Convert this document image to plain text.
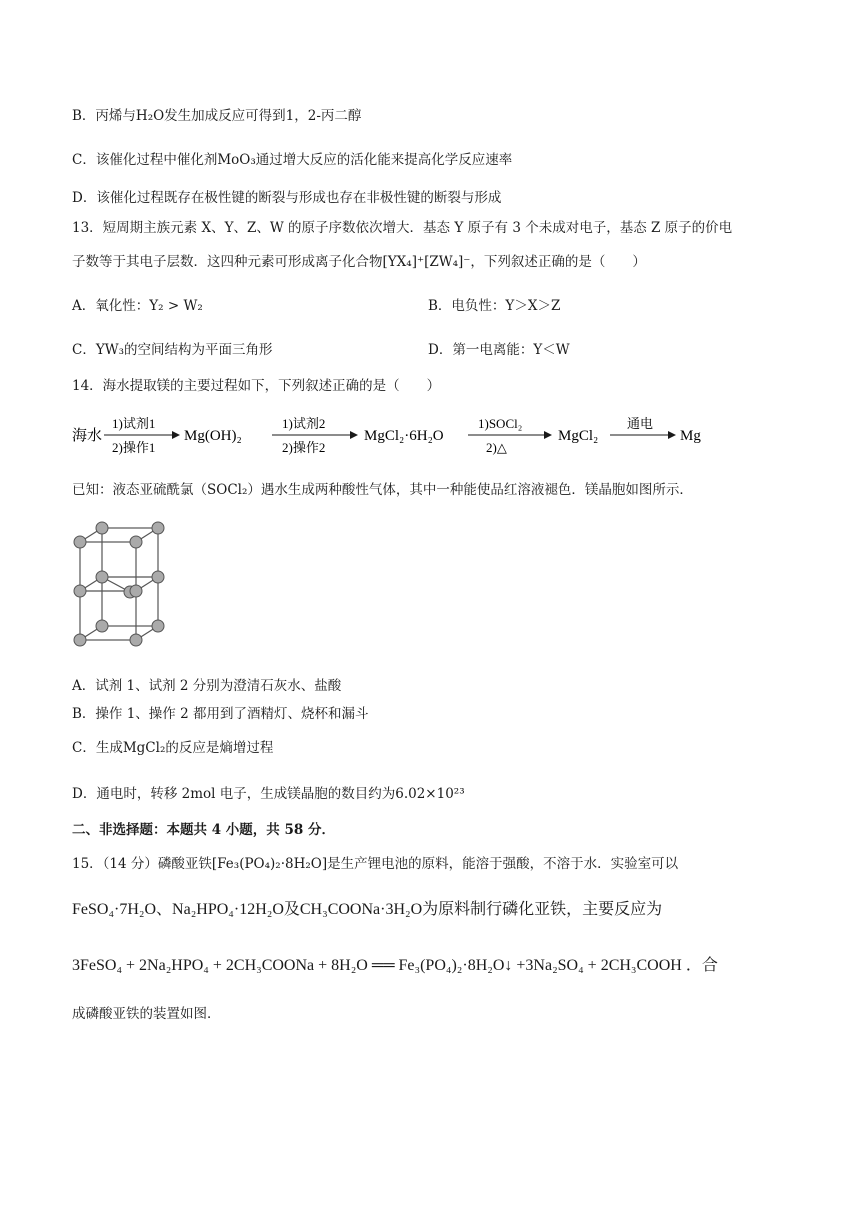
B．丙烯与H₂O发生加成反应可得到1，2-丙二醇
C．该催化过程中催化剂MoO₃通过增大反应的活化能来提高化学反应速率
D．该催化过程既存在极性键的断裂与形成也存在非极性键的断裂与形成
13．短周期主族元素 X、Y、Z、W 的原子序数依次增大．基态 Y 原子有 3 个未成对电子，基态 Z 原子的价电
子数等于其电子层数．这四种元素可形成离子化合物[YX₄]⁺[ZW₄]⁻，下列叙述正确的是（　　）
A．氧化性：Y₂ > W₂	B．电负性：Y＞X＞Z
C．YW₃的空间结构为平面三角形	D．第一电离能：Y＜W
14．海水提取镁的主要过程如下，下列叙述正确的是（　　）
海水
1)试剂1
2)操作1
Mg(OH)₂
1)试剂2
2)操作2
MgCl₂·6H₂O
1)SOCl₂
2)△
MgCl₂
通电
Mg
已知：液态亚硫酰氯（SOCl₂）遇水生成两种酸性气体，其中一种能使品红溶液褪色．镁晶胞如图所示．
A．试剂 1、试剂 2 分别为澄清石灰水、盐酸
B．操作 1、操作 2 都用到了酒精灯、烧杯和漏斗
C．生成MgCl₂的反应是熵增过程
D．通电时，转移 2mol 电子，生成镁晶胞的数目约为6.02×10²³
二、非选择题：本题共 4 小题，共 58 分．
15．（14 分）磷酸亚铁[Fe₃(PO₄)₂·8H₂O]是生产锂电池的原料，能溶于强酸，不溶于水．实验室可以
FeSO₄·7H₂O、Na₂HPO₄·12H₂O及CH₃COONa·3H₂O为原料制行磷化亚铁，主要反应为
3FeSO₄ + 2Na₂HPO₄ + 2CH₃COONa + 8H₂O ══ Fe₃(PO₄)₂·8H₂O↓ +3Na₂SO₄ + 2CH₃COOH ．合
成磷酸亚铁的装置如图．
